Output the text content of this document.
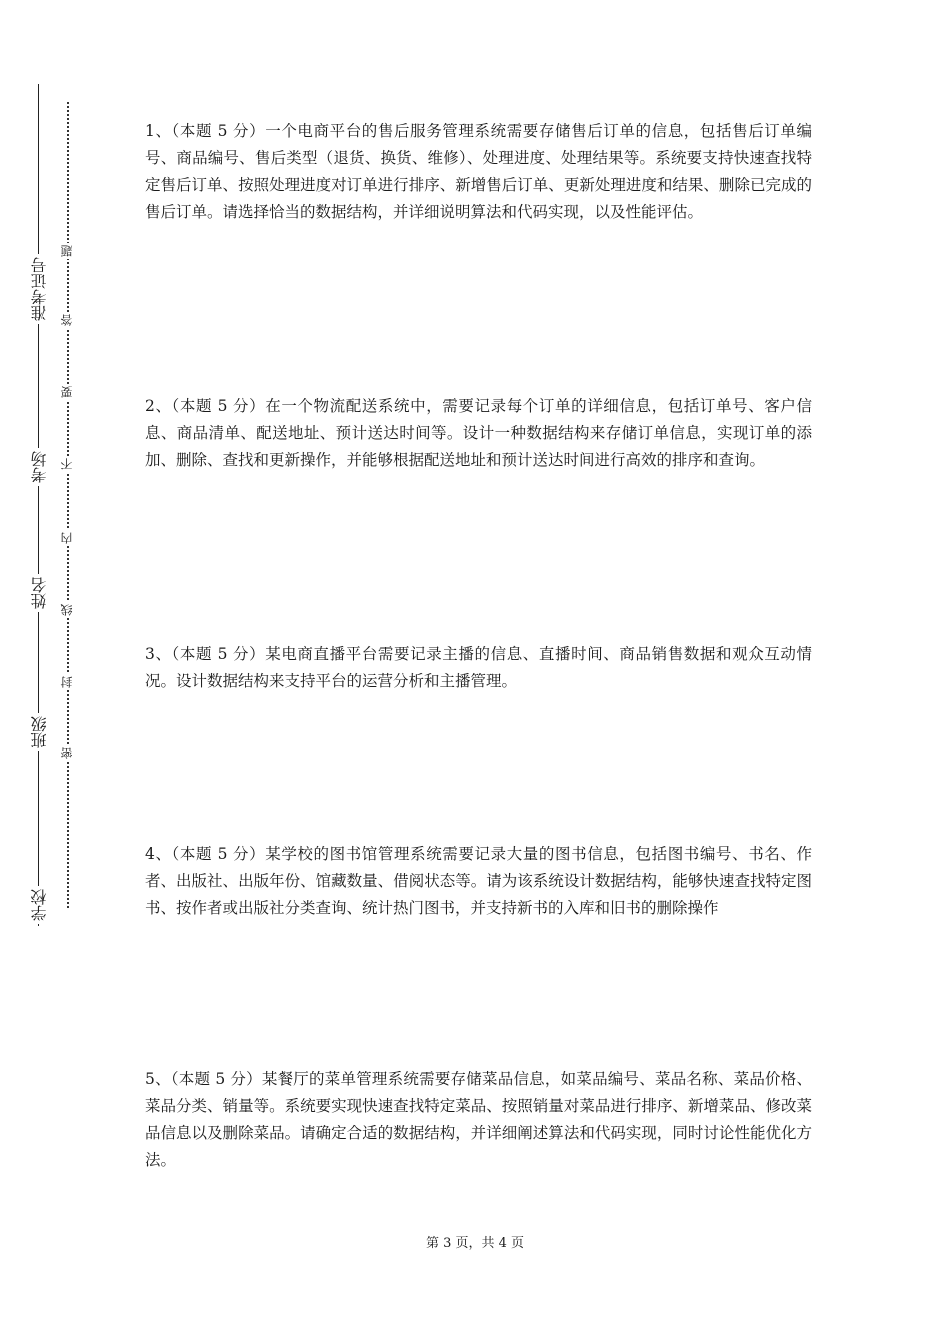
准考证号
考场
姓名
班级
学校
题
答
要
不
内
线
封
密

1、（本题 5 分）一个电商平台的售后服务管理系统需要存储售后订单的信息，包括售后订单编号、商品编号、售后类型（退货、换货、维修）、处理进度、处理结果等。系统要支持快速查找特定售后订单、按照处理进度对订单进行排序、新增售后订单、更新处理进度和结果、删除已完成的售后订单。请选择恰当的数据结构，并详细说明算法和代码实现，以及性能评估。

2、（本题 5 分）在一个物流配送系统中，需要记录每个订单的详细信息，包括订单号、客户信息、商品清单、配送地址、预计送达时间等。设计一种数据结构来存储订单信息，实现订单的添加、删除、查找和更新操作，并能够根据配送地址和预计送达时间进行高效的排序和查询。

3、（本题 5 分）某电商直播平台需要记录主播的信息、直播时间、商品销售数据和观众互动情况。设计数据结构来支持平台的运营分析和主播管理。

4、（本题 5 分）某学校的图书馆管理系统需要记录大量的图书信息，包括图书编号、书名、作者、出版社、出版年份、馆藏数量、借阅状态等。请为该系统设计数据结构，能够快速查找特定图书、按作者或出版社分类查询、统计热门图书，并支持新书的入库和旧书的删除操作

5、（本题 5 分）某餐厅的菜单管理系统需要存储菜品信息，如菜品编号、菜品名称、菜品价格、菜品分类、销量等。系统要实现快速查找特定菜品、按照销量对菜品进行排序、新增菜品、修改菜品信息以及删除菜品。请确定合适的数据结构，并详细阐述算法和代码实现，同时讨论性能优化方法。

第 3 页，共 4 页
